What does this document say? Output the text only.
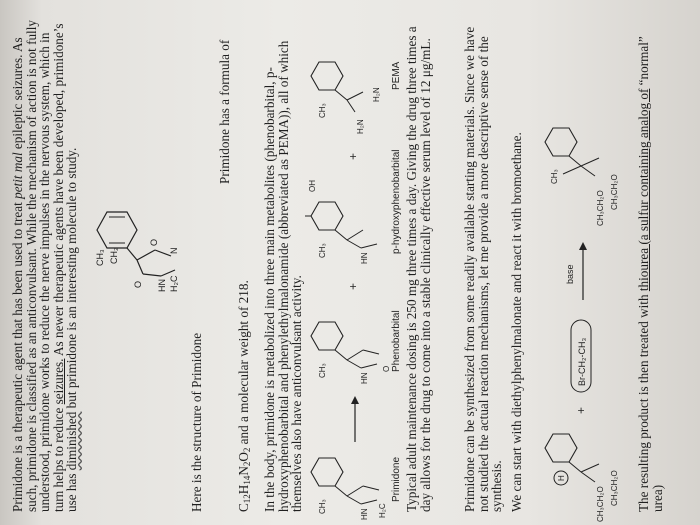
Primidone is a therapeutic agent that has been used to treat petit mal epileptic seizures. As such, primidone is classified as an anticonvulsant. While the mechanism of action is not fully understood, primidone works to reduce the nerve impulses in the nervous system, which in turn helps to reduce seizures. As newer therapeutic agents have been developed, primidone’s use has diminished but primidone is an interesting molecule to study. CH₃ CH₂
O
O
HN H₂C
N

Here is the structure of Primidone

Primidone has a formula of

$C_{12}H_{14}N_2O_2$ and a molecular weight of 218. In the body, primidone is metabolized into three main metabolites (phenobarbital, p-hydroxyphenobarbital and phenylethylmalonamide (abbreviated as PEMA)), all of which themselves also have anticonvulsant activity. CH₃
HN H₂C
CH₃
HN
O
+
CH₃
HN
OH
+
CH₃
H₂N
H₂N
Primidone
Phenobarbital
p-hydroxyphenobarbital
PEMA Typical adult maintenance dosing is 250 mg three times a day. Giving the drug three times a day allows for the drug to come into a stable clinically effective serum level of 12 μg/mL. Primidone can be synthesized from some readily available starting materials. Since we have not studied the actual reaction mechanisms, let me provide a more descriptive sense of the synthesis. We can start with diethylphenylmalonate and react it with bromoethane.	H
CH₃CH₂O CH₃CH₂O
+
Br-CH₂-CH₃
base
CH₃
CH₃CH₂O CH₃CH₂O

The resulting product is then treated with thiourea (a sulfur containing analog of “normal” urea)
